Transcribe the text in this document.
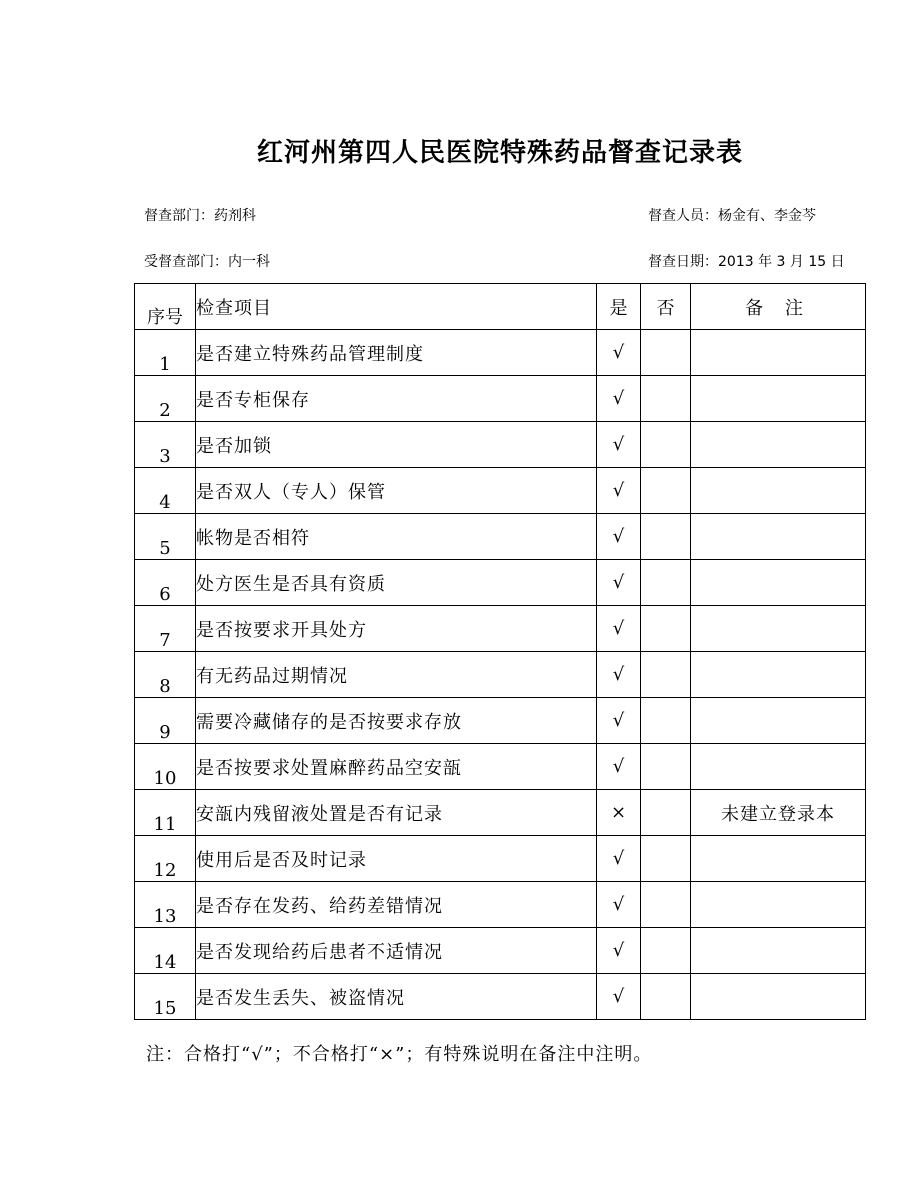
红河州第四人民医院特殊药品督查记录表
督查部门：药剂科	督查人员：杨金有、李金芩
受督查部门：内一科	督查日期：2013 年 3 月 15 日
序号	检查项目	是	否	备 注
1	是否建立特殊药品管理制度	√		
2	是否专柜保存	√		
3	是否加锁	√		
4	是否双人（专人）保管	√		
5	帐物是否相符	√		
6	处方医生是否具有资质	√		
7	是否按要求开具处方	√		
8	有无药品过期情况	√		
9	需要冷藏储存的是否按要求存放	√		
10	是否按要求处置麻醉药品空安瓿	√		
11	安瓿内残留液处置是否有记录	×		未建立登录本
12	使用后是否及时记录	√		
13	是否存在发药、给药差错情况	√		
14	是否发现给药后患者不适情况	√		
15	是否发生丢失、被盗情况	√		
注：合格打“√”；不合格打“×”；有特殊说明在备注中注明。
